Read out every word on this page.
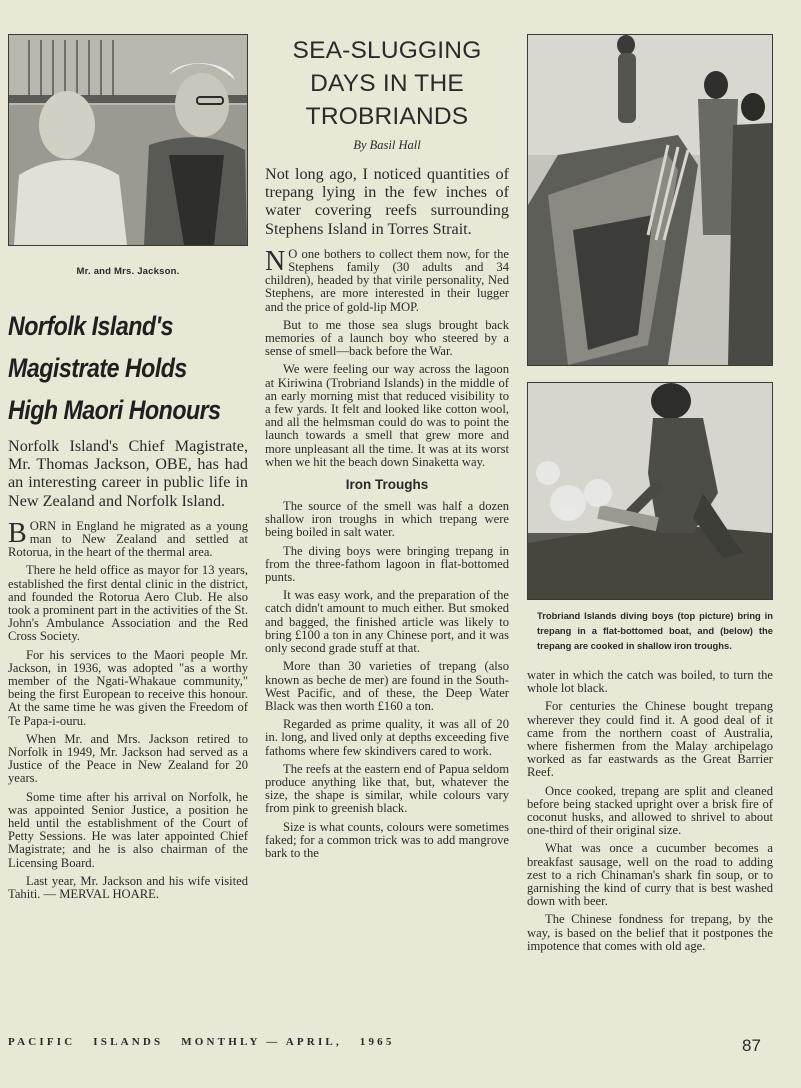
Mr. and Mrs. Jackson.
Norfolk Island's
Magistrate Holds
High Maori Honours

Norfolk Island's Chief Magistrate, Mr. Thomas Jackson, OBE, has had an interesting career in public life in New Zealand and Norfolk Island.

BORN in England he migrated as a young man to New Zealand and settled at Rotorua, in the heart of the thermal area.

There he held office as mayor for 13 years, established the first dental clinic in the district, and founded the Rotorua Aero Club. He also took a prominent part in the activities of the St. John's Ambulance Association and the Red Cross Society.

For his services to the Maori people Mr. Jackson, in 1936, was adopted "as a worthy member of the Ngati-Whakaue community," being the first European to receive this honour. At the same time he was given the Freedom of Te Papa-i-ouru.

When Mr. and Mrs. Jackson retired to Norfolk in 1949, Mr. Jackson had served as a Justice of the Peace in New Zealand for 20 years.

Some time after his arrival on Norfolk, he was appointed Senior Justice, a position he held until the establishment of the Court of Petty Sessions. He was later appointed Chief Magistrate; and he is also chairman of the Licensing Board.

Last year, Mr. Jackson and his wife visited Tahiti. — MERVAL HOARE.

SEA-SLUGGING
DAYS IN THE
TROBRIANDS
By Basil Hall

Not long ago, I noticed quantities of trepang lying in the few inches of water covering reefs surrounding Stephens Island in Torres Strait.

N O one bothers to collect them now, for the Stephens family (30 adults and 34 children), headed by that virile personality, Ned Stephens, are more interested in their lugger and the price of gold-lip MOP.

But to me those sea slugs brought back memories of a launch boy who steered by a sense of smell—back before the War.

We were feeling our way across the lagoon at Kiriwina (Trobriand Islands) in the middle of an early morning mist that reduced visibility to a few yards. It felt and looked like cotton wool, and all the helmsman could do was to point the launch towards a smell that grew more and more unpleasant all the time. It was at its worst when we hit the beach down Sinaketta way.

Iron Troughs

The source of the smell was half a dozen shallow iron troughs in which trepang were being boiled in salt water.

The diving boys were bringing trepang in from the three-fathom lagoon in flat-bottomed punts.

It was easy work, and the preparation of the catch didn't amount to much either. But smoked and bagged, the finished article was likely to bring £100 a ton in any Chinese port, and it was only second grade stuff at that.

More than 30 varieties of trepang (also known as beche de mer) are found in the South-West Pacific, and of these, the Deep Water Black was then worth £160 a ton.

Regarded as prime quality, it was all of 20 in. long, and lived only at depths exceeding five fathoms where few skindivers cared to work.

The reefs at the eastern end of Papua seldom produce anything like that, but, whatever the size, the shape is similar, while colours vary from pink to greenish black.

Size is what counts, colours were sometimes faked; for a common trick was to add mangrove bark to the

Trobriand Islands diving boys (top picture) bring in trepang in a flat-bottomed boat, and (below) the trepang are cooked in shallow iron troughs.

water in which the catch was boiled, to turn the whole lot black.

For centuries the Chinese bought trepang wherever they could find it. A good deal of it came from the northern coast of Australia, where fishermen from the Malay archipelago worked as far eastwards as the Great Barrier Reef.

Once cooked, trepang are split and cleaned before being stacked upright over a brisk fire of coconut husks, and allowed to shrivel to about one-third of their original size.

What was once a cucumber becomes a breakfast sausage, well on the road to adding zest to a rich Chinaman's shark fin soup, or to garnishing the kind of curry that is best washed down with beer.

The Chinese fondness for trepang, by the way, is based on the belief that it postpones the impotence that comes with old age.

PACIFIC   ISLANDS   MONTHLY — APRIL,   1965	87
